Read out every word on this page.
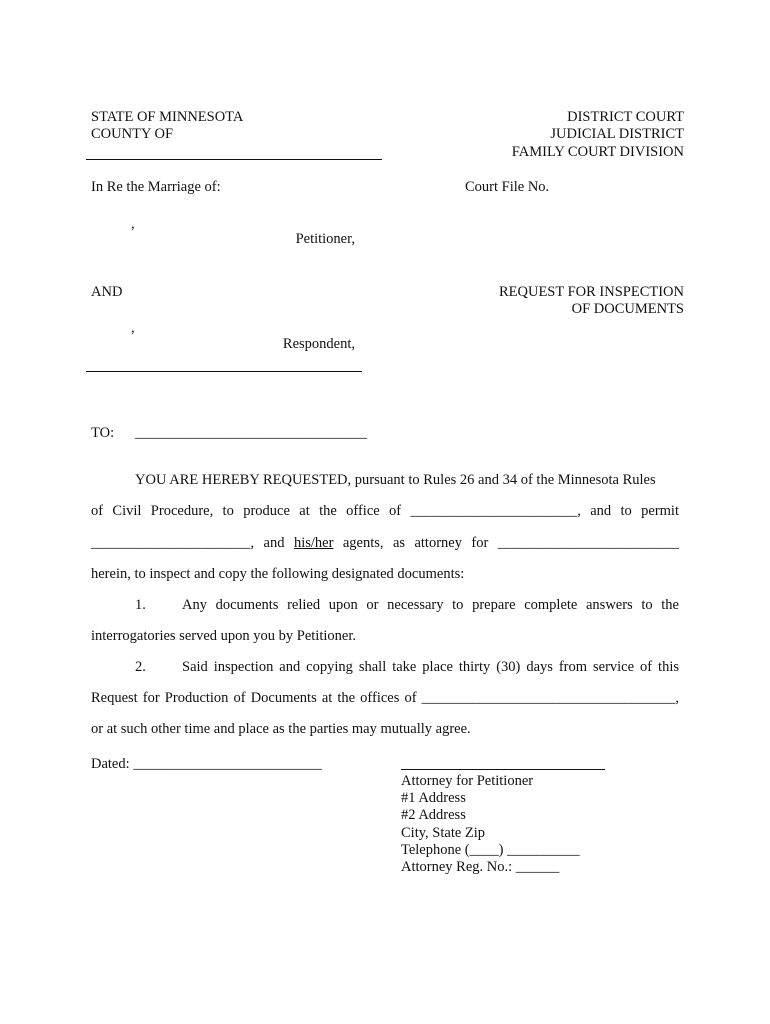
STATE OF MINNESOTA
COUNTY OF
DISTRICT COURT
JUDICIAL DISTRICT
FAMILY COURT DIVISION
In Re the Marriage of:	Court File No.
,
Petitioner,
AND	REQUEST FOR INSPECTION
OF DOCUMENTS
,
Respondent,
TO: ________________________________
YOU ARE HEREBY REQUESTED, pursuant to Rules 26 and 34 of the Minnesota Rules
of Civil Procedure, to produce at the office of _______________________, and to permit
______________________, and his/her agents, as attorney for _________________________
herein, to inspect and copy the following designated documents:
1. Any documents relied upon or necessary to prepare complete answers to the
interrogatories served upon you by Petitioner.
2. Said inspection and copying shall take place thirty (30) days from service of this
Request for Production of Documents at the offices of ___________________________________,
or at such other time and place as the parties may mutually agree.
Dated: __________________________
Attorney for Petitioner
#1 Address
#2 Address
City, State Zip
Telephone (____) __________
Attorney Reg. No.: ______
